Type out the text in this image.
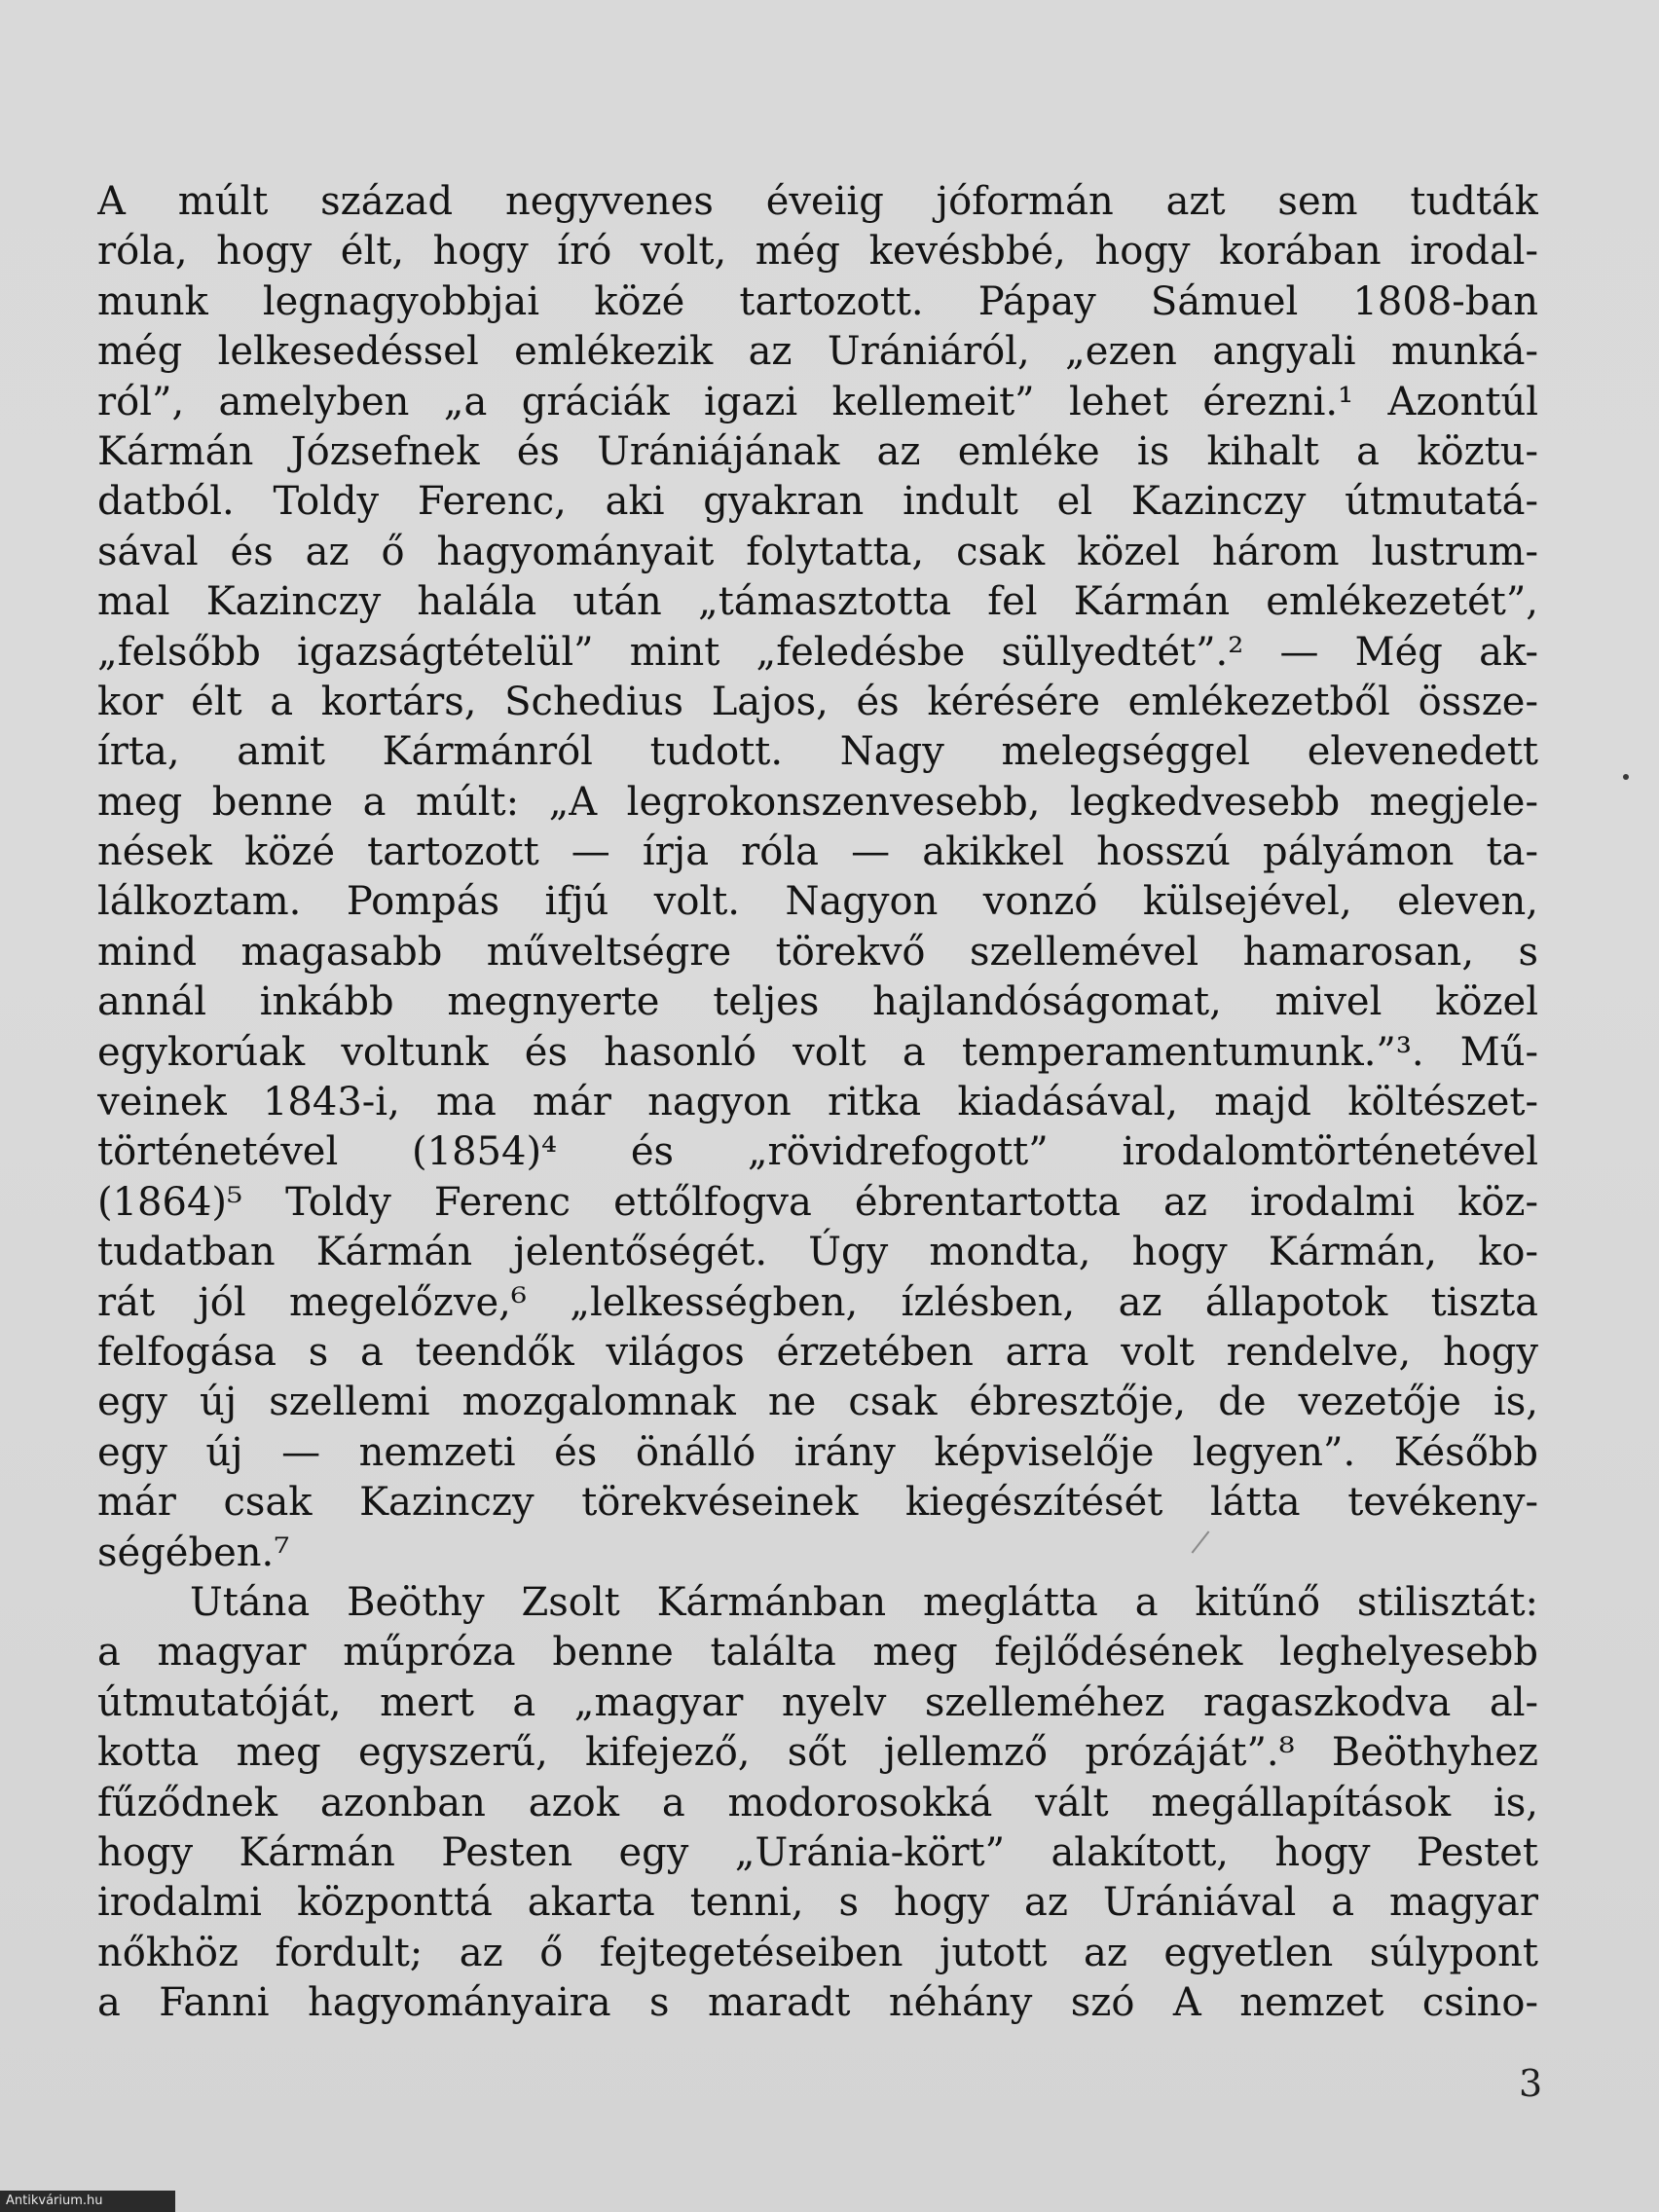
A múlt század negyvenes éveiig jóformán azt sem tudták
róla, hogy élt, hogy író volt, még kevésbbé, hogy korában irodal-
munk legnagyobbjai közé tartozott. Pápay Sámuel 1808-ban
még lelkesedéssel emlékezik az Urániáról, „ezen angyali munká-
ról”, amelyben „a gráciák igazi kellemeit” lehet érezni.¹ Azontúl
Kármán Józsefnek és Urániájának az emléke is kihalt a köztu-
datból. Toldy Ferenc, aki gyakran indult el Kazinczy útmutatá-
sával és az ő hagyományait folytatta, csak közel három lustrum-
mal Kazinczy halála után „támasztotta fel Kármán emlékezetét”,
„felsőbb igazságtételül” mint „feledésbe süllyedtét”.² — Még ak-
kor élt a kortárs, Schedius Lajos, és kérésére emlékezetből össze-
írta, amit Kármánról tudott. Nagy melegséggel elevenedett
meg benne a múlt: „A legrokonszenvesebb, legkedvesebb megjele-
nések közé tartozott — írja róla — akikkel hosszú pályámon ta-
lálkoztam. Pompás ifjú volt. Nagyon vonzó külsejével, eleven,
mind magasabb műveltségre törekvő szellemével hamarosan, s
annál inkább megnyerte teljes hajlandóságomat, mivel közel
egykorúak voltunk és hasonló volt a temperamentumunk.”³. Mű-
veinek 1843-i, ma már nagyon ritka kiadásával, majd költészet-
történetével (1854)⁴ és „rövidrefogott” irodalomtörténetével
(1864)⁵ Toldy Ferenc ettőlfogva ébrentartotta az irodalmi köz-
tudatban Kármán jelentőségét. Úgy mondta, hogy Kármán, ko-
rát jól megelőzve,⁶ „lelkességben, ízlésben, az állapotok tiszta
felfogása s a teendők világos érzetében arra volt rendelve, hogy
egy új szellemi mozgalomnak ne csak ébresztője, de vezetője is,
egy új — nemzeti és önálló irány képviselője legyen”. Később
már csak Kazinczy törekvéseinek kiegészítését látta tevékeny-
ségében.⁷
Utána Beöthy Zsolt Kármánban meglátta a kitűnő stilisztát:
a magyar műpróza benne találta meg fejlődésének leghelyesebb
útmutatóját, mert a „magyar nyelv szelleméhez ragaszkodva al-
kotta meg egyszerű, kifejező, sőt jellemző prózáját”.⁸ Beöthyhez
fűződnek azonban azok a modorosokká vált megállapítások is,
hogy Kármán Pesten egy „Uránia-kört” alakított, hogy Pestet
irodalmi központtá akarta tenni, s hogy az Urániával a magyar
nőkhöz fordult; az ő fejtegetéseiben jutott az egyetlen súlypont
a Fanni hagyományaira s maradt néhány szó A nemzet csino-
3
Antikvárium.hu
